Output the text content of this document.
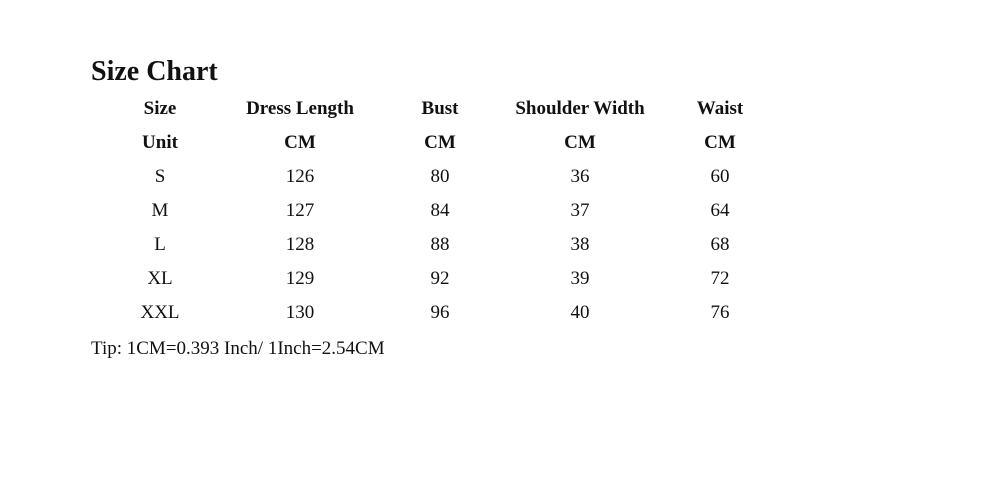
Size Chart
Size	Dress Length	Bust	Shoulder Width	Waist
Unit	CM	CM	CM	CM
S	126	80	36	60
M	127	84	37	64
L	128	88	38	68
XL	129	92	39	72
XXL	130	96	40	76
Tip: 1CM=0.393 Inch/ 1Inch=2.54CM
